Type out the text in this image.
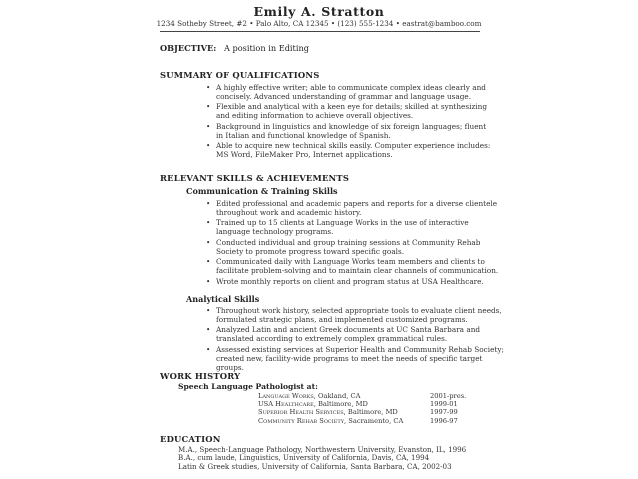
Emily A. Stratton
1234 Sotheby Street, #2 • Palo Alto, CA 12345 • (123) 555-1234 • eastrat@bamboo.com
OBJECTIVE: A position in Editing
SUMMARY OF QUALIFICATIONS
• A highly effective writer; able to communicate complex ideas clearly and concisely. Advanced understanding of grammar and language usage.
• Flexible and analytical with a keen eye for details; skilled at synthesizing and editing information to achieve overall objectives.
• Background in linguistics and knowledge of six foreign languages; fluent in Italian and functional knowledge of Spanish.
• Able to acquire new technical skills easily. Computer experience includes: MS Word, FileMaker Pro, Internet applications.
RELEVANT SKILLS & ACHIEVEMENTS
Communication & Training Skills
• Edited professional and academic papers and reports for a diverse clientele throughout work and academic history.
• Trained up to 15 clients at Language Works in the use of interactive language technology programs.
• Conducted individual and group training sessions at Community Rehab Society to promote progress toward specific goals.
• Communicated daily with Language Works team members and clients to facilitate problem-solving and to maintain clear channels of communication.
• Wrote monthly reports on client and program status at USA Healthcare.
Analytical Skills
• Throughout work history, selected appropriate tools to evaluate client needs, formulated strategic plans, and implemented customized programs.
• Analyzed Latin and ancient Greek documents at UC Santa Barbara and translated according to extremely complex grammatical rules.
• Assessed existing services at Superior Health and Community Rehab Society; created new, facility-wide programs to meet the needs of specific target groups.
WORK HISTORY
Speech Language Pathologist at:
Language Works, Oakland, CA	2001-pres.
USA Healthcare, Baltimore, MD	1999-01
Superior Health Services, Baltimore, MD	1997-99
Community Rehab Society, Sacramento, CA	1996-97
EDUCATION
M.A., Speech-Language Pathology, Northwestern University, Evanston, IL, 1996
B.A., cum laude, Linguistics, University of California, Davis, CA, 1994
Latin & Greek studies, University of California, Santa Barbara, CA, 2002-03
